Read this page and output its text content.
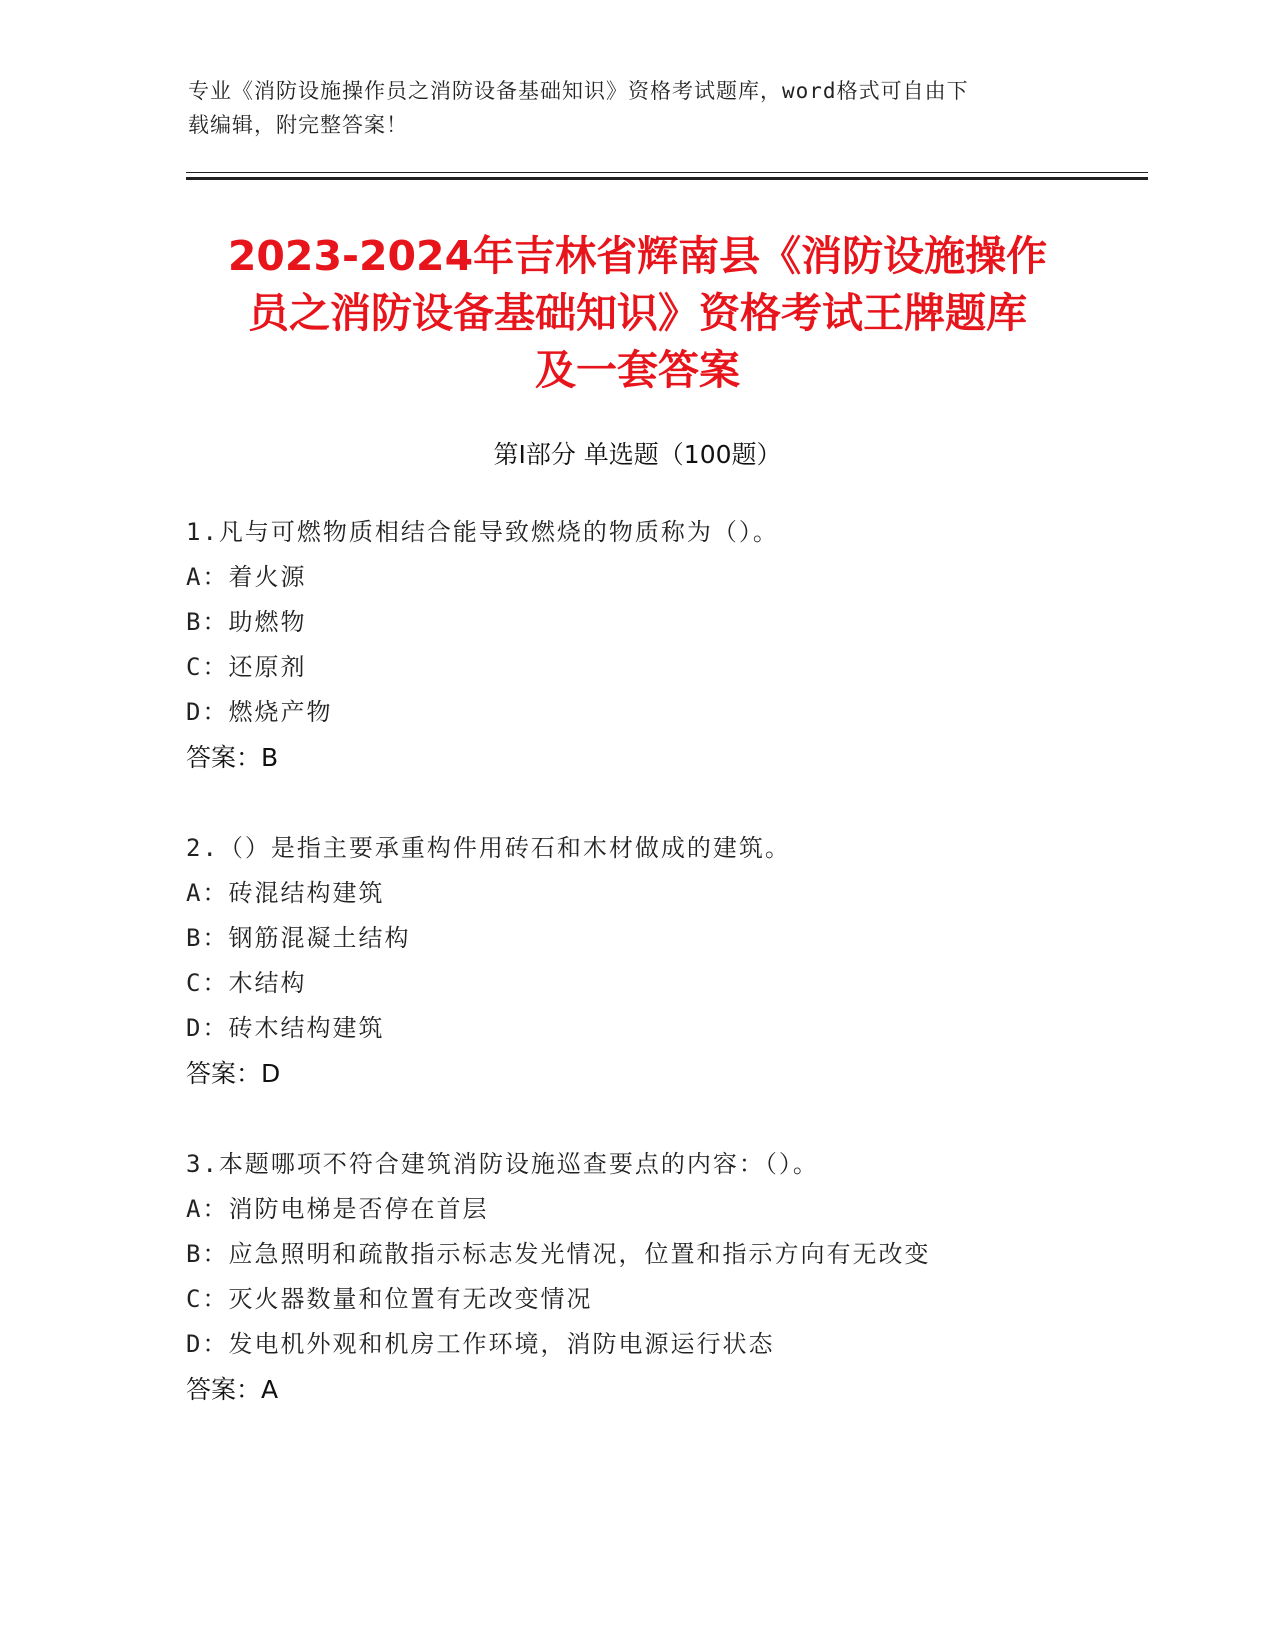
专业《消防设施操作员之消防设备基础知识》资格考试题库，word格式可自由下
载编辑，附完整答案！
2023-2024年吉林省辉南县《消防设施操作
员之消防设备基础知识》资格考试王牌题库
及一套答案
第Ⅰ部分 单选题（100题）
1.凡与可燃物质相结合能导致燃烧的物质称为（）。
A：着火源
B：助燃物
C：还原剂
D：燃烧产物
答案：B
2.（）是指主要承重构件用砖石和木材做成的建筑。
A：砖混结构建筑
B：钢筋混凝土结构
C：木结构
D：砖木结构建筑
答案：D
3.本题哪项不符合建筑消防设施巡查要点的内容：（）。
A：消防电梯是否停在首层
B：应急照明和疏散指示标志发光情况，位置和指示方向有无改变
C：灭火器数量和位置有无改变情况
D：发电机外观和机房工作环境，消防电源运行状态
答案：A
